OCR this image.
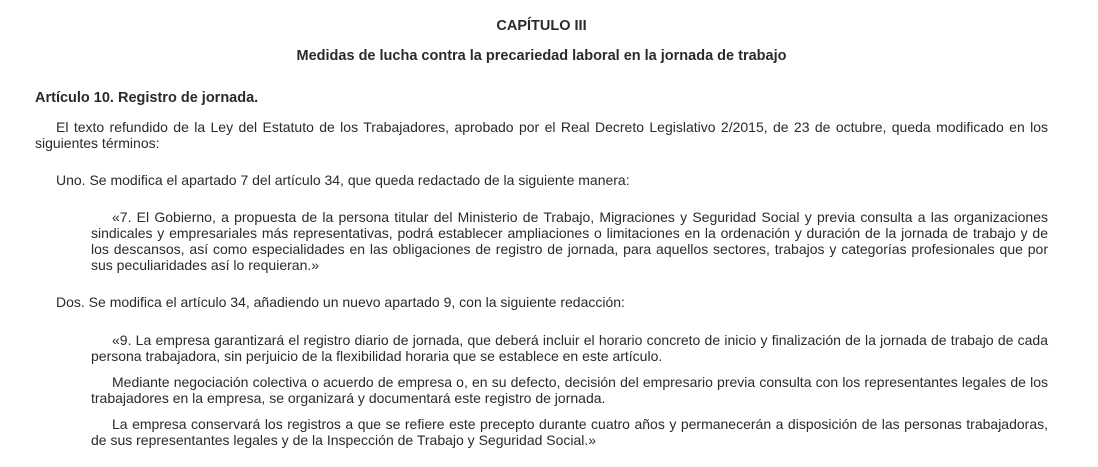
CAPÍTULO III
Medidas de lucha contra la precariedad laboral en la jornada de trabajo
Artículo 10. Registro de jornada.

El texto refundido de la Ley del Estatuto de los Trabajadores, aprobado por el Real Decreto Legislativo 2/2015, de 23 de octubre, queda modificado en los siguientes términos:

Uno. Se modifica el apartado 7 del artículo 34, que queda redactado de la siguiente manera:

«7. El Gobierno, a propuesta de la persona titular del Ministerio de Trabajo, Migraciones y Seguridad Social y previa consulta a las organizaciones sindicales y empresariales más representativas, podrá establecer ampliaciones o limitaciones en la ordenación y duración de la jornada de trabajo y de los descansos, así como especialidades en las obligaciones de registro de jornada, para aquellos sectores, trabajos y categorías profesionales que por sus peculiaridades así lo requieran.»

Dos. Se modifica el artículo 34, añadiendo un nuevo apartado 9, con la siguiente redacción:

«9. La empresa garantizará el registro diario de jornada, que deberá incluir el horario concreto de inicio y finalización de la jornada de trabajo de cada persona trabajadora, sin perjuicio de la flexibilidad horaria que se establece en este artículo.

Mediante negociación colectiva o acuerdo de empresa o, en su defecto, decisión del empresario previa consulta con los representantes legales de los trabajadores en la empresa, se organizará y documentará este registro de jornada.

La empresa conservará los registros a que se refiere este precepto durante cuatro años y permanecerán a disposición de las personas trabajadoras, de sus representantes legales y de la Inspección de Trabajo y Seguridad Social.»
